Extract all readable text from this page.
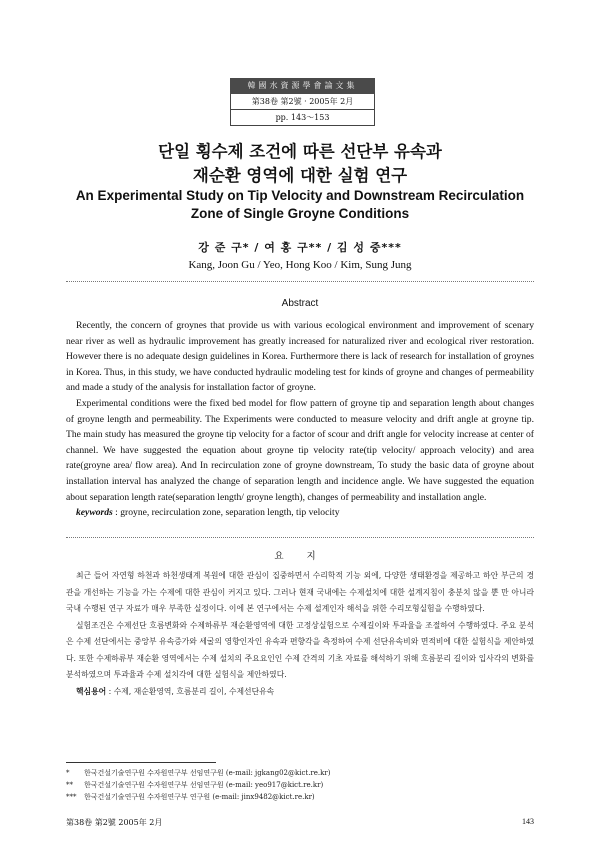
韓國水資源學會論文集
第38卷 第2號 · 2005年 2月
pp. 143～153
단일 횡수제 조건에 따른 선단부 유속과
재순환 영역에 대한 실험 연구
An Experimental Study on Tip Velocity and Downstream Recirculation
Zone of Single Groyne Conditions
강 준 구* / 여 홍 구** / 김 성 중***
Kang, Joon Gu / Yeo, Hong Koo / Kim, Sung Jung
Abstract

Recently, the concern of groynes that provide us with various ecological environment and improvement of scenary near river as well as hydraulic improvement has greatly increased for naturalized river and ecological river restoration. However there is no adequate design guidelines in Korea. Furthermore there is lack of research for installation of groynes in Korea. Thus, in this study, we have conducted hydraulic modeling test for kinds of groyne and changes of permeability and made a study of the analysis for installation factor of groyne.

Experimental conditions were the fixed bed model for flow pattern of groyne tip and separation length about changes of groyne length and permeability. The Experiments were conducted to measure velocity and drift angle at groyne tip. The main study has measured the groyne tip velocity for a factor of scour and drift angle for velocity increase at center of channel. We have suggested the equation about groyne tip velocity rate(tip velocity/ approach velocity) and area rate(groyne area/ flow area). And In recirculation zone of groyne downstream, To study the basic data of groyne about installation interval has analyzed the change of separation length and incidence angle. We have suggested the equation about separation length rate(separation length/ groyne length), changes of permeability and installation angle.

keywords : groyne, recirculation zone, separation length, tip velocity

요 지

최근 들어 자연형 하천과 하천생태계 복원에 대한 관심이 집중하면서 수리학적 기능 외에, 다양한 생태환경을 제공하고 하안 부근의 경관을 개선하는 기능을 가는 수제에 대한 관심이 커지고 있다. 그러나 현재 국내에는 수제설치에 대한 설계지침이 충분치 않을 뿐 만 아니라 국내 수행된 연구 자료가 매우 부족한 실정이다. 이에 본 연구에서는 수제 설계인자 해석을 위한 수리모형실험을 수행하였다.

실험조건은 수제선단 흐름변화와 수제하류부 재순환영역에 대한 고정상실험으로 수제길이와 투과율을 조절하여 수행하였다. 주요 분석은 수제 선단에서는 중앙부 유속증가와 세굴의 영향인자인 유속과 편향각을 측정하여 수제 선단유속비와 면적비에 대한 실험식을 제안하였다. 또한 수제하류부 재순환 영역에서는 수제 설치의 주요요인인 수제 간격의 기초 자료를 해석하기 위해 흐름분리 길이와 입사각의 변화를 분석하였으며 투과율과 수제 설치각에 대한 실험식을 제안하였다.

핵심용어 : 수제, 재순환영역, 흐름분리 길이, 수제선단유속

* 한국건설기술연구원 수자원연구부 선임연구원 (e-mail: jgkang02@kict.re.kr)

** 한국건설기술연구원 수자원연구부 선임연구원 (e-mail: yeo917@kict.re.kr)

*** 한국건설기술연구원 수자원연구부 연구원 (e-mail: jinx9482@kict.re.kr)

第38卷 第2號 2005年 2月	143
